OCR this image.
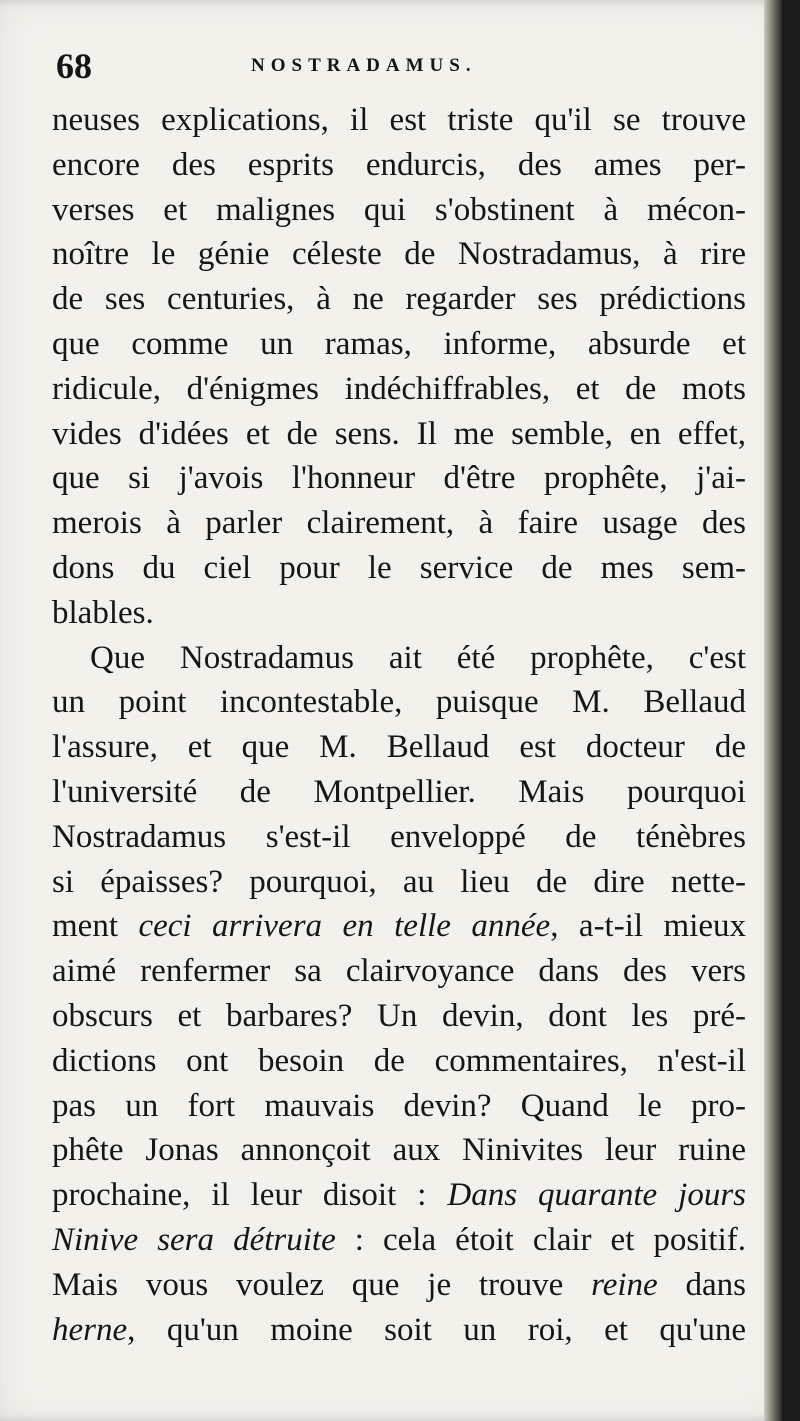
68	NOSTRADAMUS.
neuses explications, il est triste qu'il se trouve
encore des esprits endurcis, des ames per-
verses et malignes qui s'obstinent à mécon-
noître le génie céleste de Nostradamus, à rire
de ses centuries, à ne regarder ses prédictions
que comme un ramas, informe, absurde et
ridicule, d'énigmes indéchiffrables, et de mots
vides d'idées et de sens. Il me semble, en effet,
que si j'avois l'honneur d'être prophête, j'ai-
merois à parler clairement, à faire usage des
dons du ciel pour le service de mes sem-
blables.
Que Nostradamus ait été prophête, c'est
un point incontestable, puisque M. Bellaud
l'assure, et que M. Bellaud est docteur de
l'université de Montpellier. Mais pourquoi
Nostradamus s'est-il enveloppé de ténèbres
si épaisses? pourquoi, au lieu de dire nette-
ment ceci arrivera en telle année, a-t-il mieux
aimé renfermer sa clairvoyance dans des vers
obscurs et barbares? Un devin, dont les pré-
dictions ont besoin de commentaires, n'est-il
pas un fort mauvais devin? Quand le pro-
phête Jonas annonçoit aux Ninivites leur ruine
prochaine, il leur disoit : Dans quarante jours
Ninive sera détruite : cela étoit clair et positif.
Mais vous voulez que je trouve reine dans
herne, qu'un moine soit un roi, et qu'une
